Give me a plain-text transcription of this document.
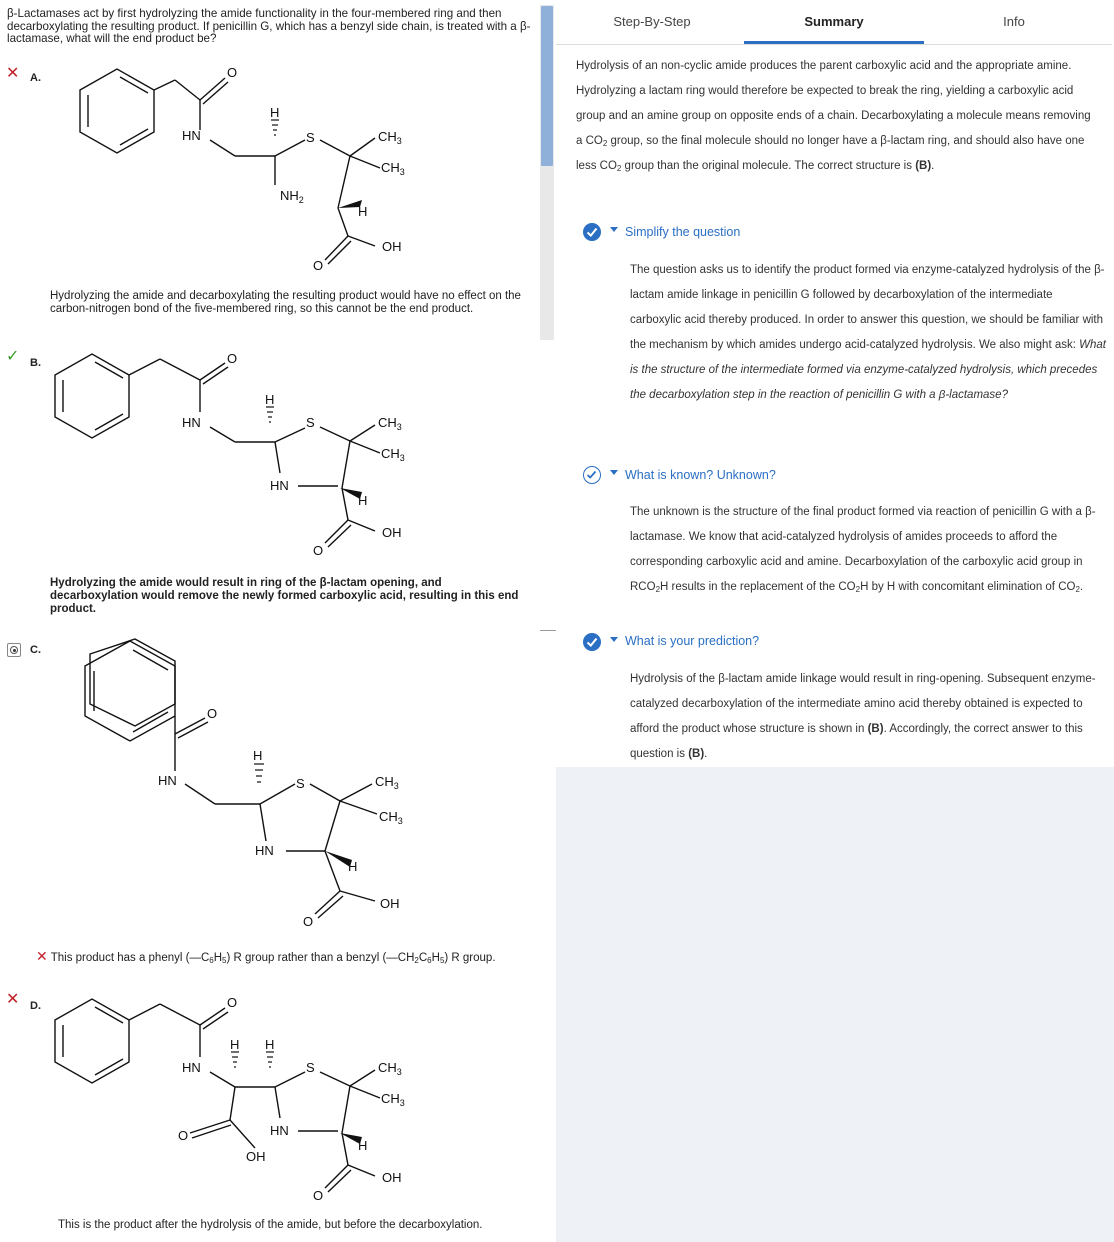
β-Lactamases act by first hydrolyzing the amide functionality in the four-membered ring and then decarboxylating the resulting product. If penicillin G, which has a benzyl side chain, is treated with a β-lactamase, what will the end product be?
✕ A.	O
HN
H
S	$CH_3$
$CH_3$
$NH_2$
H
OH
O
Hydrolyzing the amide and decarboxylating the resulting product would have no effect on the carbon-nitrogen bond of the five-membered ring, so this cannot be the end product.
✓ B.	O
HN
H
S	$CH_3$
$CH_3$
HN
H
OH
O
Hydrolyzing the amide would result in ring of the β-lactam opening, and decarboxylation would remove the newly formed carboxylic acid, resulting in this end product.
C.
O
HN
H
S	$CH_3$
$CH_3$
HN
H
OH
O
✕ This product has a phenyl $(—C_6H_5)$ R group rather than a benzyl $(—CH_2C_6H_5)$ R group.
✕ D.	O
HN
H H
S	$CH_3$
$CH_3$
O
OH
HN
H
OH
O
This is the product after the hydrolysis of the amide, but before the decarboxylation.
Step-By-Step	Summary	Info
Hydrolysis of an non-cyclic amide produces the parent carboxylic acid and the appropriate amine. Hydrolyzing a lactam ring would therefore be expected to break the ring, yielding a carboxylic acid group and an amine group on opposite ends of a chain. Decarboxylating a molecule means removing a $CO_2$ group, so the final molecule should no longer have a β-lactam ring, and should also have one less $CO_2$ group than the original molecule. The correct structure is (B).
Simplify the question
The question asks us to identify the product formed via enzyme-catalyzed hydrolysis of the β-lactam amide linkage in penicillin G followed by decarboxylation of the intermediate carboxylic acid thereby produced. In order to answer this question, we should be familiar with the mechanism by which amides undergo acid-catalyzed hydrolysis. We also might ask: What is the structure of the intermediate formed via enzyme-catalyzed hydrolysis, which precedes the decarboxylation step in the reaction of penicillin G with a β-lactamase?
What is known? Unknown?
The unknown is the structure of the final product formed via reaction of penicillin G with a β-lactamase. We know that acid-catalyzed hydrolysis of amides proceeds to afford the corresponding carboxylic acid and amine. Decarboxylation of the carboxylic acid group in $RCO_2H$ results in the replacement of the $CO_2H$ by H with concomitant elimination of $CO_2$.
What is your prediction?
Hydrolysis of the β-lactam amide linkage would result in ring-opening. Subsequent enzyme-catalyzed decarboxylation of the intermediate amino acid thereby obtained is expected to afford the product whose structure is shown in (B). Accordingly, the correct answer to this question is (B).
